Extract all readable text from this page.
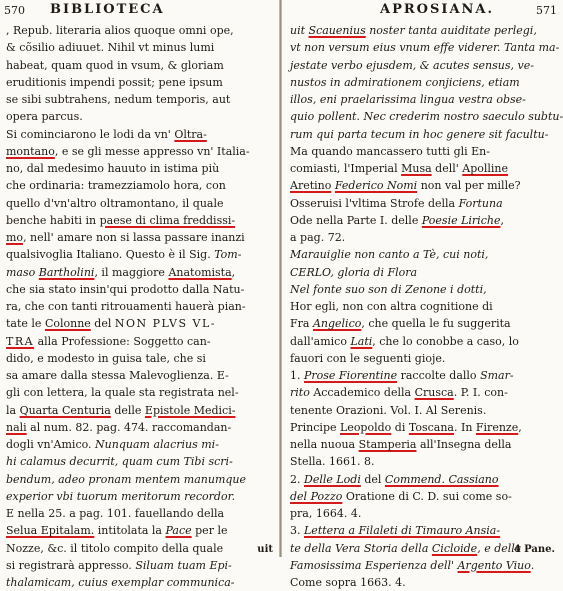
570 BIBLIOTECA
, Repub. literaria alios quoque omni ope,
& cõsilio adiuuet. Nihil vt minus lumi
habeat, quam quod in vsum, & gloriam
eruditionis impendi possit; pene ipsum
se sibi subtrahens, nedum temporis, aut
opera parcus.
Si cominciarono le lodi da vn' Oltra-
montano, e se gli messe appresso vn' Italia-
no, dal medesimo hauuto in istima più
che ordinaria: tramezziamolo hora, con
quello d'vn'altro oltramontano, il quale
benche habiti in paese di clima freddissi-
mo, nell' amare non si lassa passare inanzi
qualsivoglia Italiano. Questo è il Sig. Tom-
maso Bartholini, il maggiore Anatomista,
che sia stato insin'qui prodotto dalla Natu-
ra, che con tanti ritrouamenti hauerà pian-
tate le Colonne del NON PLVS VL-
TRA alla Professione: Soggetto can-
dido, e modesto in guisa tale, che si
sa amare dalla stessa Malevoglienza. E-
gli con lettera, la quale sta registrata nel-
la Quarta Centuria delle Epistole Medici-
nali al num. 82. pag. 474. raccomandan-
dogli vn'Amico. Nunquam alacrius mi-
hi calamus decurrit, quam cum Tibi scri-
bendum, adeo pronam mentem manumque
experior vbi tuorum meritorum recordor.
E nella 25. a pag. 101. fauellando della
Selua Epitalam. intitolata la Pace per le
Nozze, &c. il titolo compito della quale
si registrarà appresso. Siluam tuam Epi-
thalamicam, cuius exemplar communica-
uit
APROSIANA.	571
uit Scauenius noster tanta auiditate perlegi,
vt non versum eius vnum effe viderer. Tanta ma-
jestate verbo ejusdem, & acutes sensus, ve-
nustos in admirationem conjiciens, etiam
illos, eni praelarissima lingua vestra obse-
quio pollent. Nec crederim nostro saeculo subtu-
rum qui parta tecum in hoc genere sit facultu-
Ma quando mancassero tutti gli En-
comiasti, l'Imperial Musa dell' Apolline
Aretino Federico Nomi non val per mille?
Osseruisi l'vltima Strofe della Fortuna
Ode nella Parte I. delle Poesie Liriche,
a pag. 72.
Marauiglie non canto a Tè, cui noti,
CERLO, gloria di Flora
Nel fonte suo son di Zenone i dotti,
Hor egli, non con altra cognitione di
Fra Angelico, che quella le fu suggerita
dall'amico Lati, che lo conobbe a caso, lo
fauori con le seguenti gioje.
1. Prose Fiorentine raccolte dallo Smar-
rito Accademico della Crusca. P. I. con-
tenente Orazioni. Vol. I. Al Serenis.
Principe Leopoldo di Toscana. In Firenze,
nella nuoua Stamperia all'Insegna della
Stella. 1661. 8.
2. Delle Lodi del Commend. Cassiano
del Pozzo Oratione di C. D. sui come so-
pra, 1664. 4.
3. Lettera a Filaleti di Timauro Ansia-
te della Vera Storia della Cicloide, e della
Famosissima Esperienza dell' Argento Viuo.
Come sopra 1663. 4.
4 Pane.
